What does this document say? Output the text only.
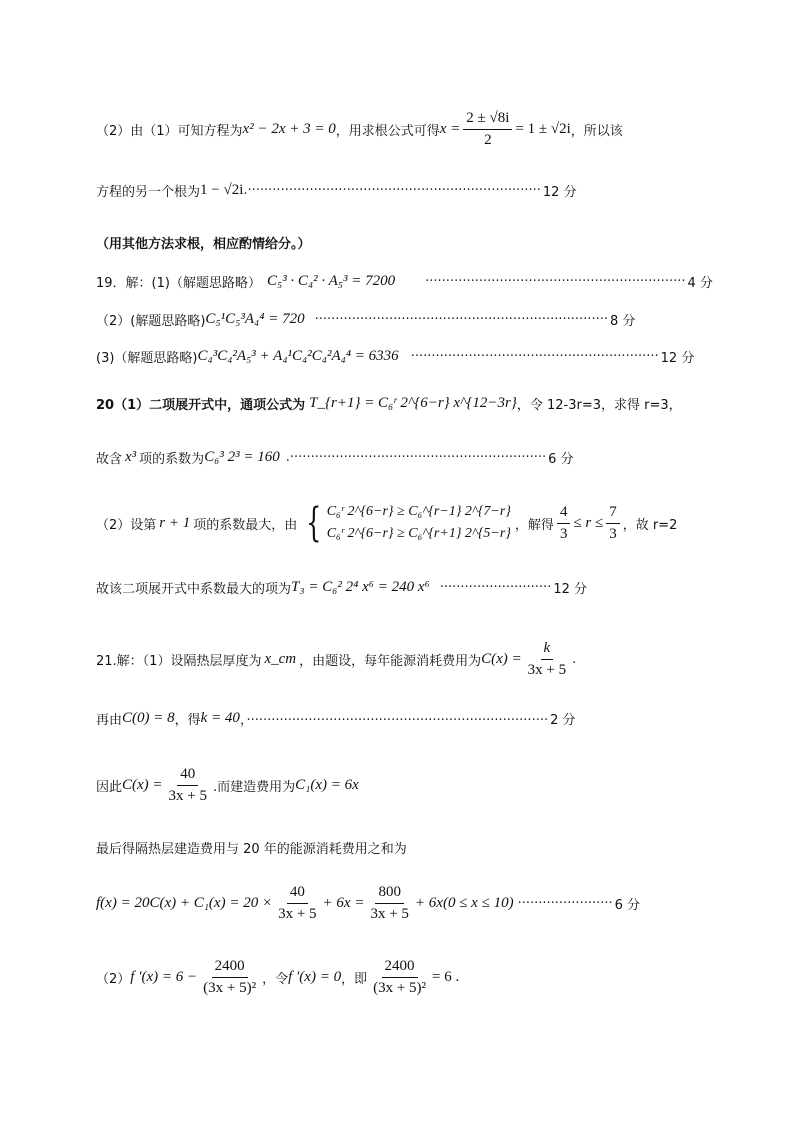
（2）由（1）可知方程为 x² − 2x + 3 = 0 ，用求根公式可得 $x = \frac{2 \pm √8i}{2} = 1 \pm √2i$ ，所以该
方程的另一个根为 1 − √2i .······································································· 12 分
（用其他方法求根，相应酌情给分。）
19．解：(1)（解题思路略） C₅³ · C₄² · A₅³ = 7200 ······························································· 4 分
（2）(解题思路略) C₅¹C₅³A₄⁴ = 720 ······································································· 8 分
(3)（解题思路略) C₄³C₄²A₅³ + A₄¹C₄²C₄²A₄⁴ = 6336 ···························································· 12 分
20（1）二项展开式中，通项公式为 T_{r+1} = C₆ʳ 2^{6−r} x^{12−3r} ，令 12-3r=3，求得 r=3，
故含 x³ 项的系数为 C₆³ 2³ = 160 .······························································ 6 分
（2）设第 r + 1 项的系数最大，由 { C₆ʳ 2^{6−r} ≥ C₆^{r−1} 2^{7−r}
C₆ʳ 2^{6−r} ≥ C₆^{r+1} 2^{5−r}
，解得 $\frac{4}{3} \le r \le \frac{7}{3}$ ，故 r=2
故该二项展开式中系数最大的项为 T₃ = C₆² 2⁴ x⁶ = 240 x⁶ ··························· 12 分
21.解：（1）设隔热层厚度为 x_cm ，由题设，每年能源消耗费用为 $C(x) = \frac{k}{3x + 5}$ .
再由 C(0) = 8 ，得 k = 40 ，········································································· 2 分
因此 $C(x) = \frac{40}{3x + 5}$ .而建造费用为 C₁(x) = 6x
最后得隔热层建造费用与 20 年的能源消耗费用之和为
$f(x) = 20C(x) + C_1(x) = 20 \times \frac{40}{3x + 5} + 6x = \frac{800}{3x + 5} + 6x(0 \le x \le 10)$ ······················· 6 分
（2） f $'(x) = 6 - \frac{2400}{\text{(3x + 5)²}}$ ，令 f ′(x) = 0 ，即 $\frac{2400}{\text{(3x + 5)²}} = 6$ .
